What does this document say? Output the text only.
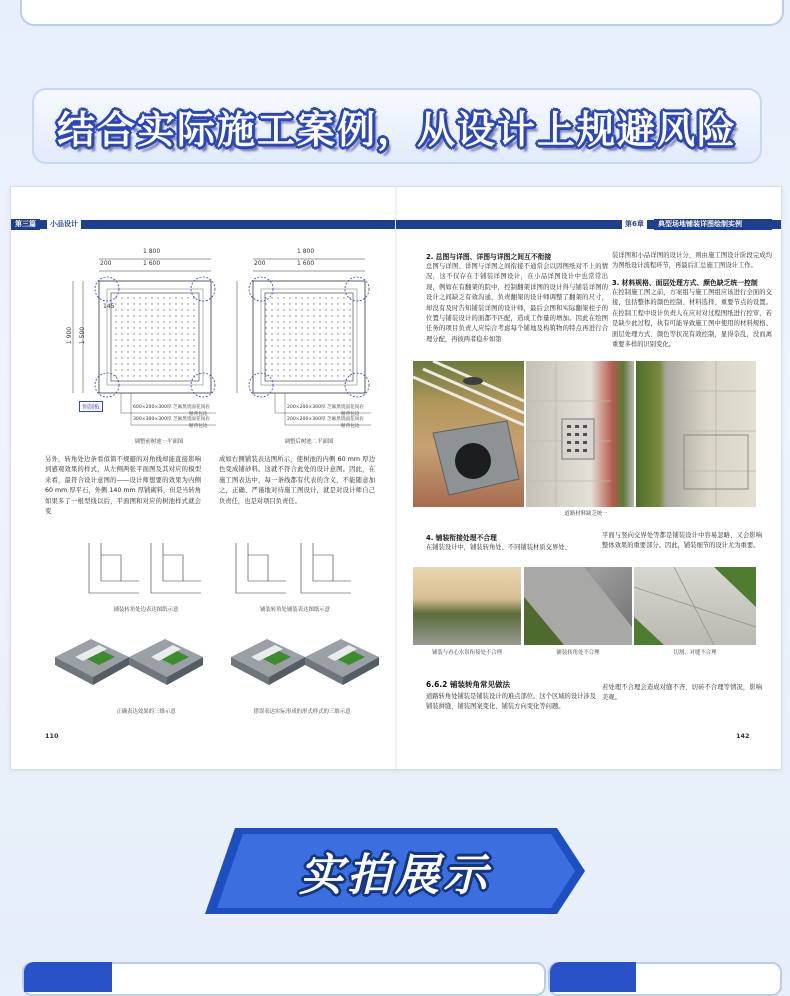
结合实际施工案例，从设计上规避风险
第三篇	小品设计
1 800
1 600
1 800
1 600
200	200
1 900 1 500
145
预制板	600×200×300厚 芝麻黑烧面花岗岩
掰背包边
300×300×300厚 芝麻黑烧面花岗岩
掰背包边
200×200×300厚 芝麻黑烧面花岗岩
掰背包边
200×200×300厚 芝麻黑烧面花岗岩
掰背包边
调整前树池一平面图	调整后树池二平面图
另外，转角处边条看似简不规避的对角线却能直接影响到感观效果的样式，从左侧两张平面图及其对应的模型来看，最符合设计意图的——设计师想要的效果为内侧 60 mm 厚平石，外侧 140 mm 厚铺砌料，但是当转角如果多了一根型线以后，平面图和对应的树池样式就会变
成如右侧铺装表达图所示，使树池的内侧 60 mm 厚边色变成铺砂料。这就不符合此处的设计意图。因此，在施工图表达中，每一条线都有代表的含义，不能随意加之，正确、严谨地对待施工图设计，就是对设计师自己负责任，也是对项目负责任。
铺装转角处边表达图纸示意	铺装转角处铺装表达图纸示意
正确表达效果的三维示意	错误表达实际形成的形式样式的三维示意
110
第6章	典型场地铺装详图绘制实例
2. 总图与详图、详图与详图之间互不衔接
总图与详图、详图与详图之间衔接不通常会以因图纸对不上的情况，这不仅存在于铺装详图设计，在小品详图设计中也常常出现，例如在有翻架的院中，控制翻架详图的设计得与铺装详图的设计之间缺乏有效沟通，负责翻架的设计师调整了翻架的尺寸，却没有及时告知铺装详图的设计师，最后会图和实际翻架柱子的位置与铺装设计的面都不匹配，造成工作量的增加。因此在绘图任务的项目负责人应综合考虑每个铺地及构筑物的特点再进行合理分配，再彼两者稳步如第
装详图和小品详图的设计分，则由施工图设计阶段完成均为图纸设计流程环节，再最后汇总施工图设计工作。
3. 材料规格、面层处理方式、颜色缺乏统一控制
在控制施工图之前，方案组与施工图组应该进行全面的交接，包括整体的颜色控制、材料选择、重要节点的设置。在控制工程中设计负责人在应对对过程图纸进行控审，若是缺少此过程，执有可能导致施工图中使用的材料规格、面层处理方式、颜色等状况有效控制，显得杂乱，没而离重要多样的识别变化。
道路材料缺乏统一
4. 铺装衔接处理不合理
在铺装设计中，铺装转角处、不同铺装材质交界处、
平面与竖向交界处等都是铺装设计中容易忽略、又会影响整体效果的重要部分。因此，铺装细节的设计尤为重要。
铺装与看心水景衔接处不合理	铺装转角处不合理	切割、对缝不合理
6.6.2 铺装转角常见做法
道路转角处铺装是铺装设计的难点部位。这个区域的设计涉及铺装拼缝、铺装图案变化、铺装方向变化等问题。
若处理不合理会造成对缝不齐、切砖不合理等情况，影响美观。
142
实拍展示
